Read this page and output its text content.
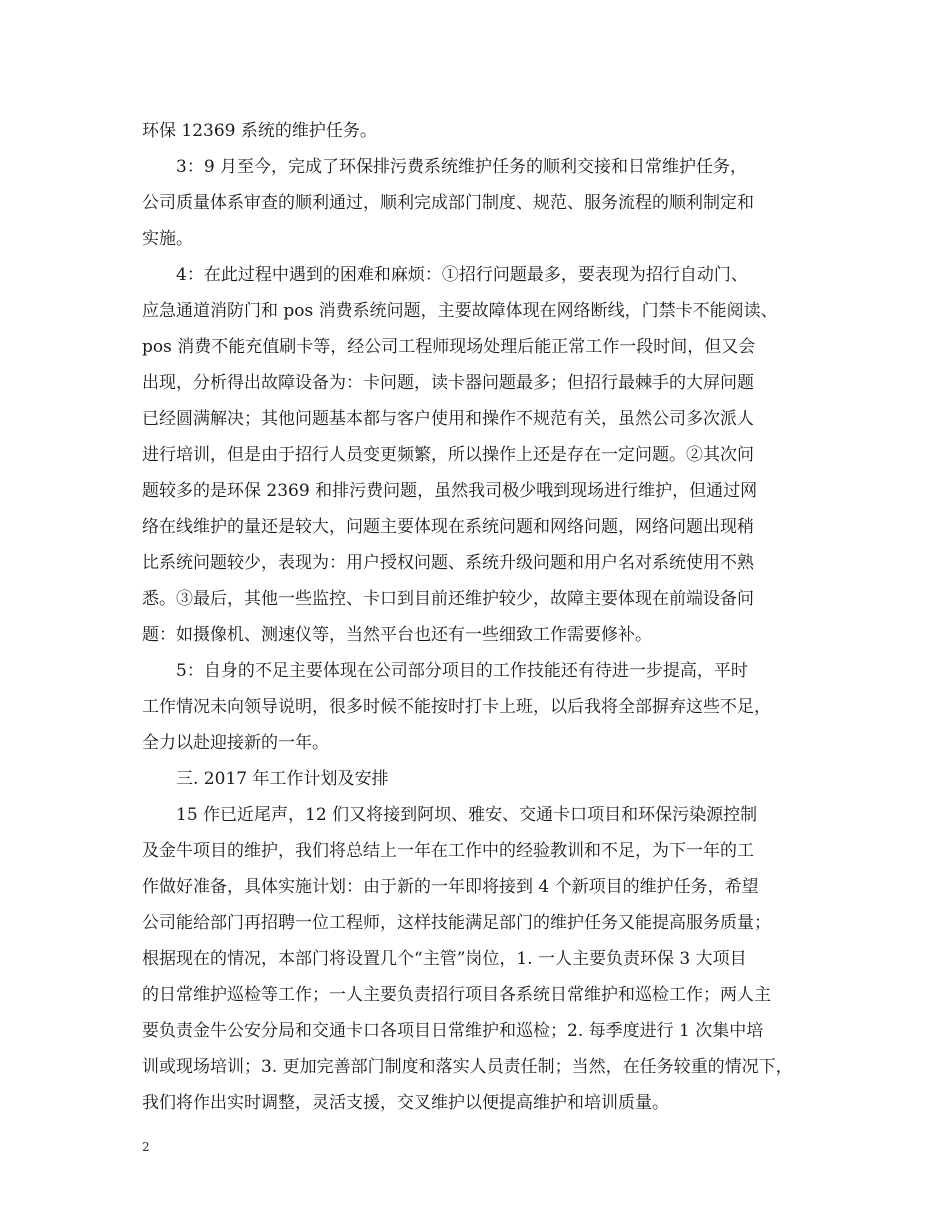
环保 12369 系统的维护任务。
3：9 月至今，完成了环保排污费系统维护任务的顺利交接和日常维护任务，
公司质量体系审查的顺利通过，顺利完成部门制度、规范、服务流程的顺利制定和
实施。
4：在此过程中遇到的困难和麻烦：①招行问题最多，要表现为招行自动门、
应急通道消防门和 pos 消费系统问题，主要故障体现在网络断线，门禁卡不能阅读、
pos 消费不能充值刷卡等，经公司工程师现场处理后能正常工作一段时间，但又会
出现，分析得出故障设备为：卡问题，读卡器问题最多；但招行最棘手的大屏问题
已经圆满解决；其他问题基本都与客户使用和操作不规范有关，虽然公司多次派人
进行培训，但是由于招行人员变更频繁，所以操作上还是存在一定问题。②其次问
题较多的是环保 2369 和排污费问题，虽然我司极少哦到现场进行维护，但通过网
络在线维护的量还是较大，问题主要体现在系统问题和网络问题，网络问题出现稍
比系统问题较少，表现为：用户授权问题、系统升级问题和用户名对系统使用不熟
悉。③最后，其他一些监控、卡口到目前还维护较少，故障主要体现在前端设备问
题：如摄像机、测速仪等，当然平台也还有一些细致工作需要修补。
5：自身的不足主要体现在公司部分项目的工作技能还有待进一步提高，平时
工作情况未向领导说明，很多时候不能按时打卡上班，以后我将全部摒弃这些不足，
全力以赴迎接新的一年。
三. 2017 年工作计划及安排
15 作已近尾声，12 们又将接到阿坝、雅安、交通卡口项目和环保污染源控制
及金牛项目的维护，我们将总结上一年在工作中的经验教训和不足，为下一年的工
作做好准备，具体实施计划：由于新的一年即将接到 4 个新项目的维护任务，希望
公司能给部门再招聘一位工程师，这样技能满足部门的维护任务又能提高服务质量；
根据现在的情况，本部门将设置几个“主管”岗位，1. 一人主要负责环保 3 大项目
的日常维护巡检等工作；一人主要负责招行项目各系统日常维护和巡检工作；两人主
要负责金牛公安分局和交通卡口各项目日常维护和巡检；2. 每季度进行 1 次集中培
训或现场培训；3. 更加完善部门制度和落实人员责任制；当然，在任务较重的情况下，
我们将作出实时调整，灵活支援，交叉维护以便提高维护和培训质量。
2
